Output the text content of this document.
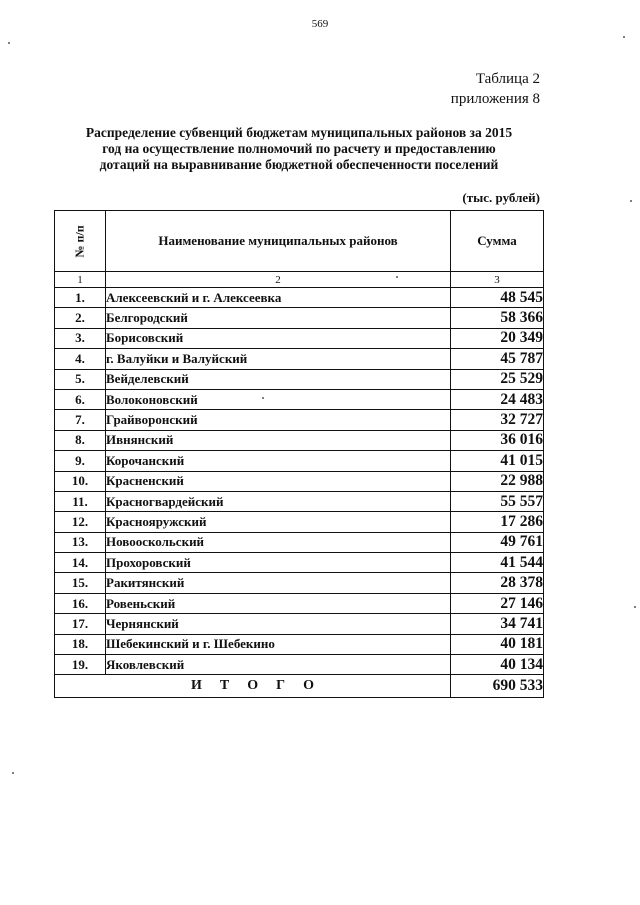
569
Таблица 2
приложения 8
Распределение субвенций бюджетам муниципальных районов за 2015
год на осуществление полномочий по расчету и предоставлению
дотаций на выравнивание бюджетной обеспеченности поселений
(тыс. рублей)
№ п/п	Наименование муниципальных районов	Сумма
1	2	3
1.	Алексеевский и г. Алексеевка	48 545
2.	Белгородский	58 366
3.	Борисовский	20 349
4.	г. Валуйки и Валуйский	45 787
5.	Вейделевский	25 529
6.	Волоконовский	24 483
7.	Грайворонский	32 727
8.	Ивнянский	36 016
9.	Корочанский	41 015
10.	Красненский	22 988
11.	Красногвардейский	55 557
12.	Краснояружский	17 286
13.	Новооскольский	49 761
14.	Прохоровский	41 544
15.	Ракитянский	28 378
16.	Ровеньский	27 146
17.	Чернянский	34 741
18.	Шебекинский и г. Шебекино	40 181
19.	Яковлевский	40 134
И Т О Г О		690 533
